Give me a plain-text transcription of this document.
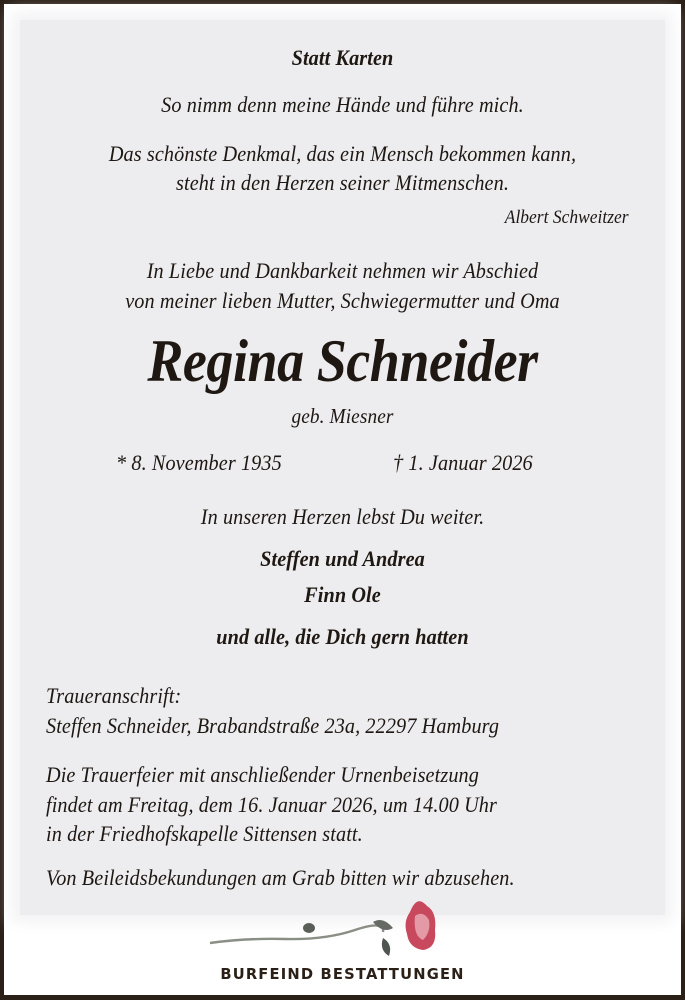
Statt Karten
So nimm denn meine Hände und führe mich.
Das schönste Denkmal, das ein Mensch bekommen kann,
steht in den Herzen seiner Mitmenschen.
Albert Schweitzer
In Liebe und Dankbarkeit nehmen wir Abschied
von meiner lieben Mutter, Schwiegermutter und Oma
Regina Schneider
geb. Miesner
* 8. November 1935	† 1. Januar 2026
In unseren Herzen lebst Du weiter.
Steffen und Andrea
Finn Ole
und alle, die Dich gern hatten
Traueranschrift:
Steffen Schneider, Brabandstraße 23a, 22297 Hamburg
Die Trauerfeier mit anschließender Urnenbeisetzung
findet am Freitag, dem 16. Januar 2026, um 14.00 Uhr
in der Friedhofskapelle Sittensen statt.
Von Beileidsbekundungen am Grab bitten wir abzusehen.
BURFEIND BESTATTUNGEN
